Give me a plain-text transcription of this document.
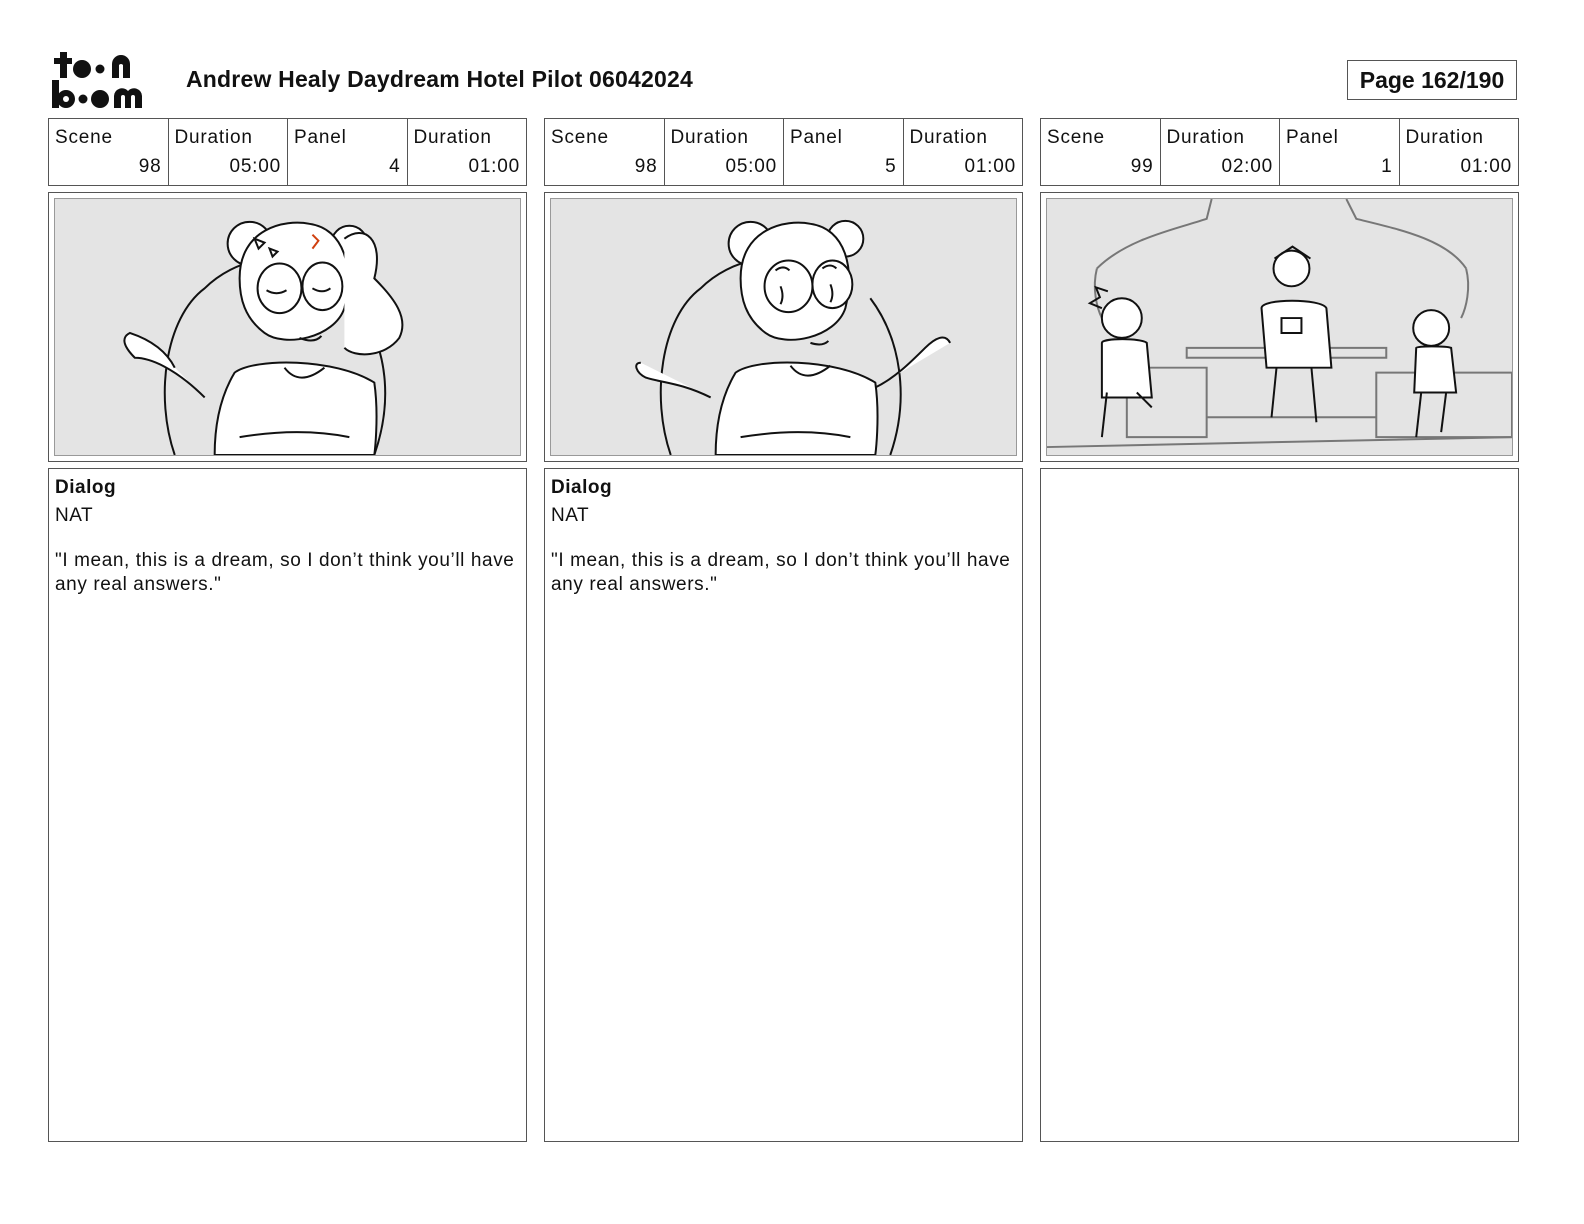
Andrew Healy Daydream Hotel Pilot 06042024	Page 162/190
Scene
98
Duration
05:00
Panel
4
Duration
01:00
Dialog
NAT
"I mean, this is a dream, so I don’t think you’ll have any real answers."
Scene
98
Duration
05:00
Panel
5
Duration
01:00
Dialog
NAT
"I mean, this is a dream, so I don’t think you’ll have any real answers."
Scene
99
Duration
02:00
Panel
1
Duration
01:00
